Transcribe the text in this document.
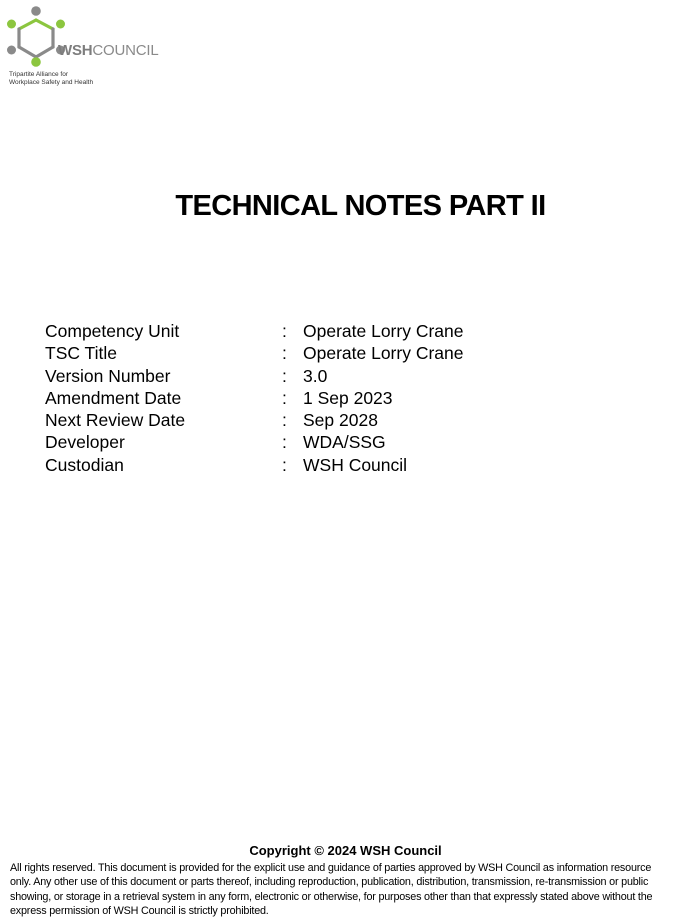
WSHCOUNCIL
Tripartite Alliance for
Workplace Safety and Health
TECHNICAL NOTES PART II
Competency Unit	: Operate Lorry Crane
TSC Title	: Operate Lorry Crane
Version Number	: 3.0
Amendment Date	: 1 Sep 2023
Next Review Date	: Sep 2028
Developer	: WDA/SSG
Custodian	: WSH Council
Copyright © 2024 WSH Council
All rights reserved. This document is provided for the explicit use and guidance of parties approved by WSH Council as information resource only. Any other use of this document or parts thereof, including reproduction, publication, distribution, transmission, re-transmission or public showing, or storage in a retrieval system in any form, electronic or otherwise, for purposes other than that expressly stated above without the express permission of WSH Council is strictly prohibited.
